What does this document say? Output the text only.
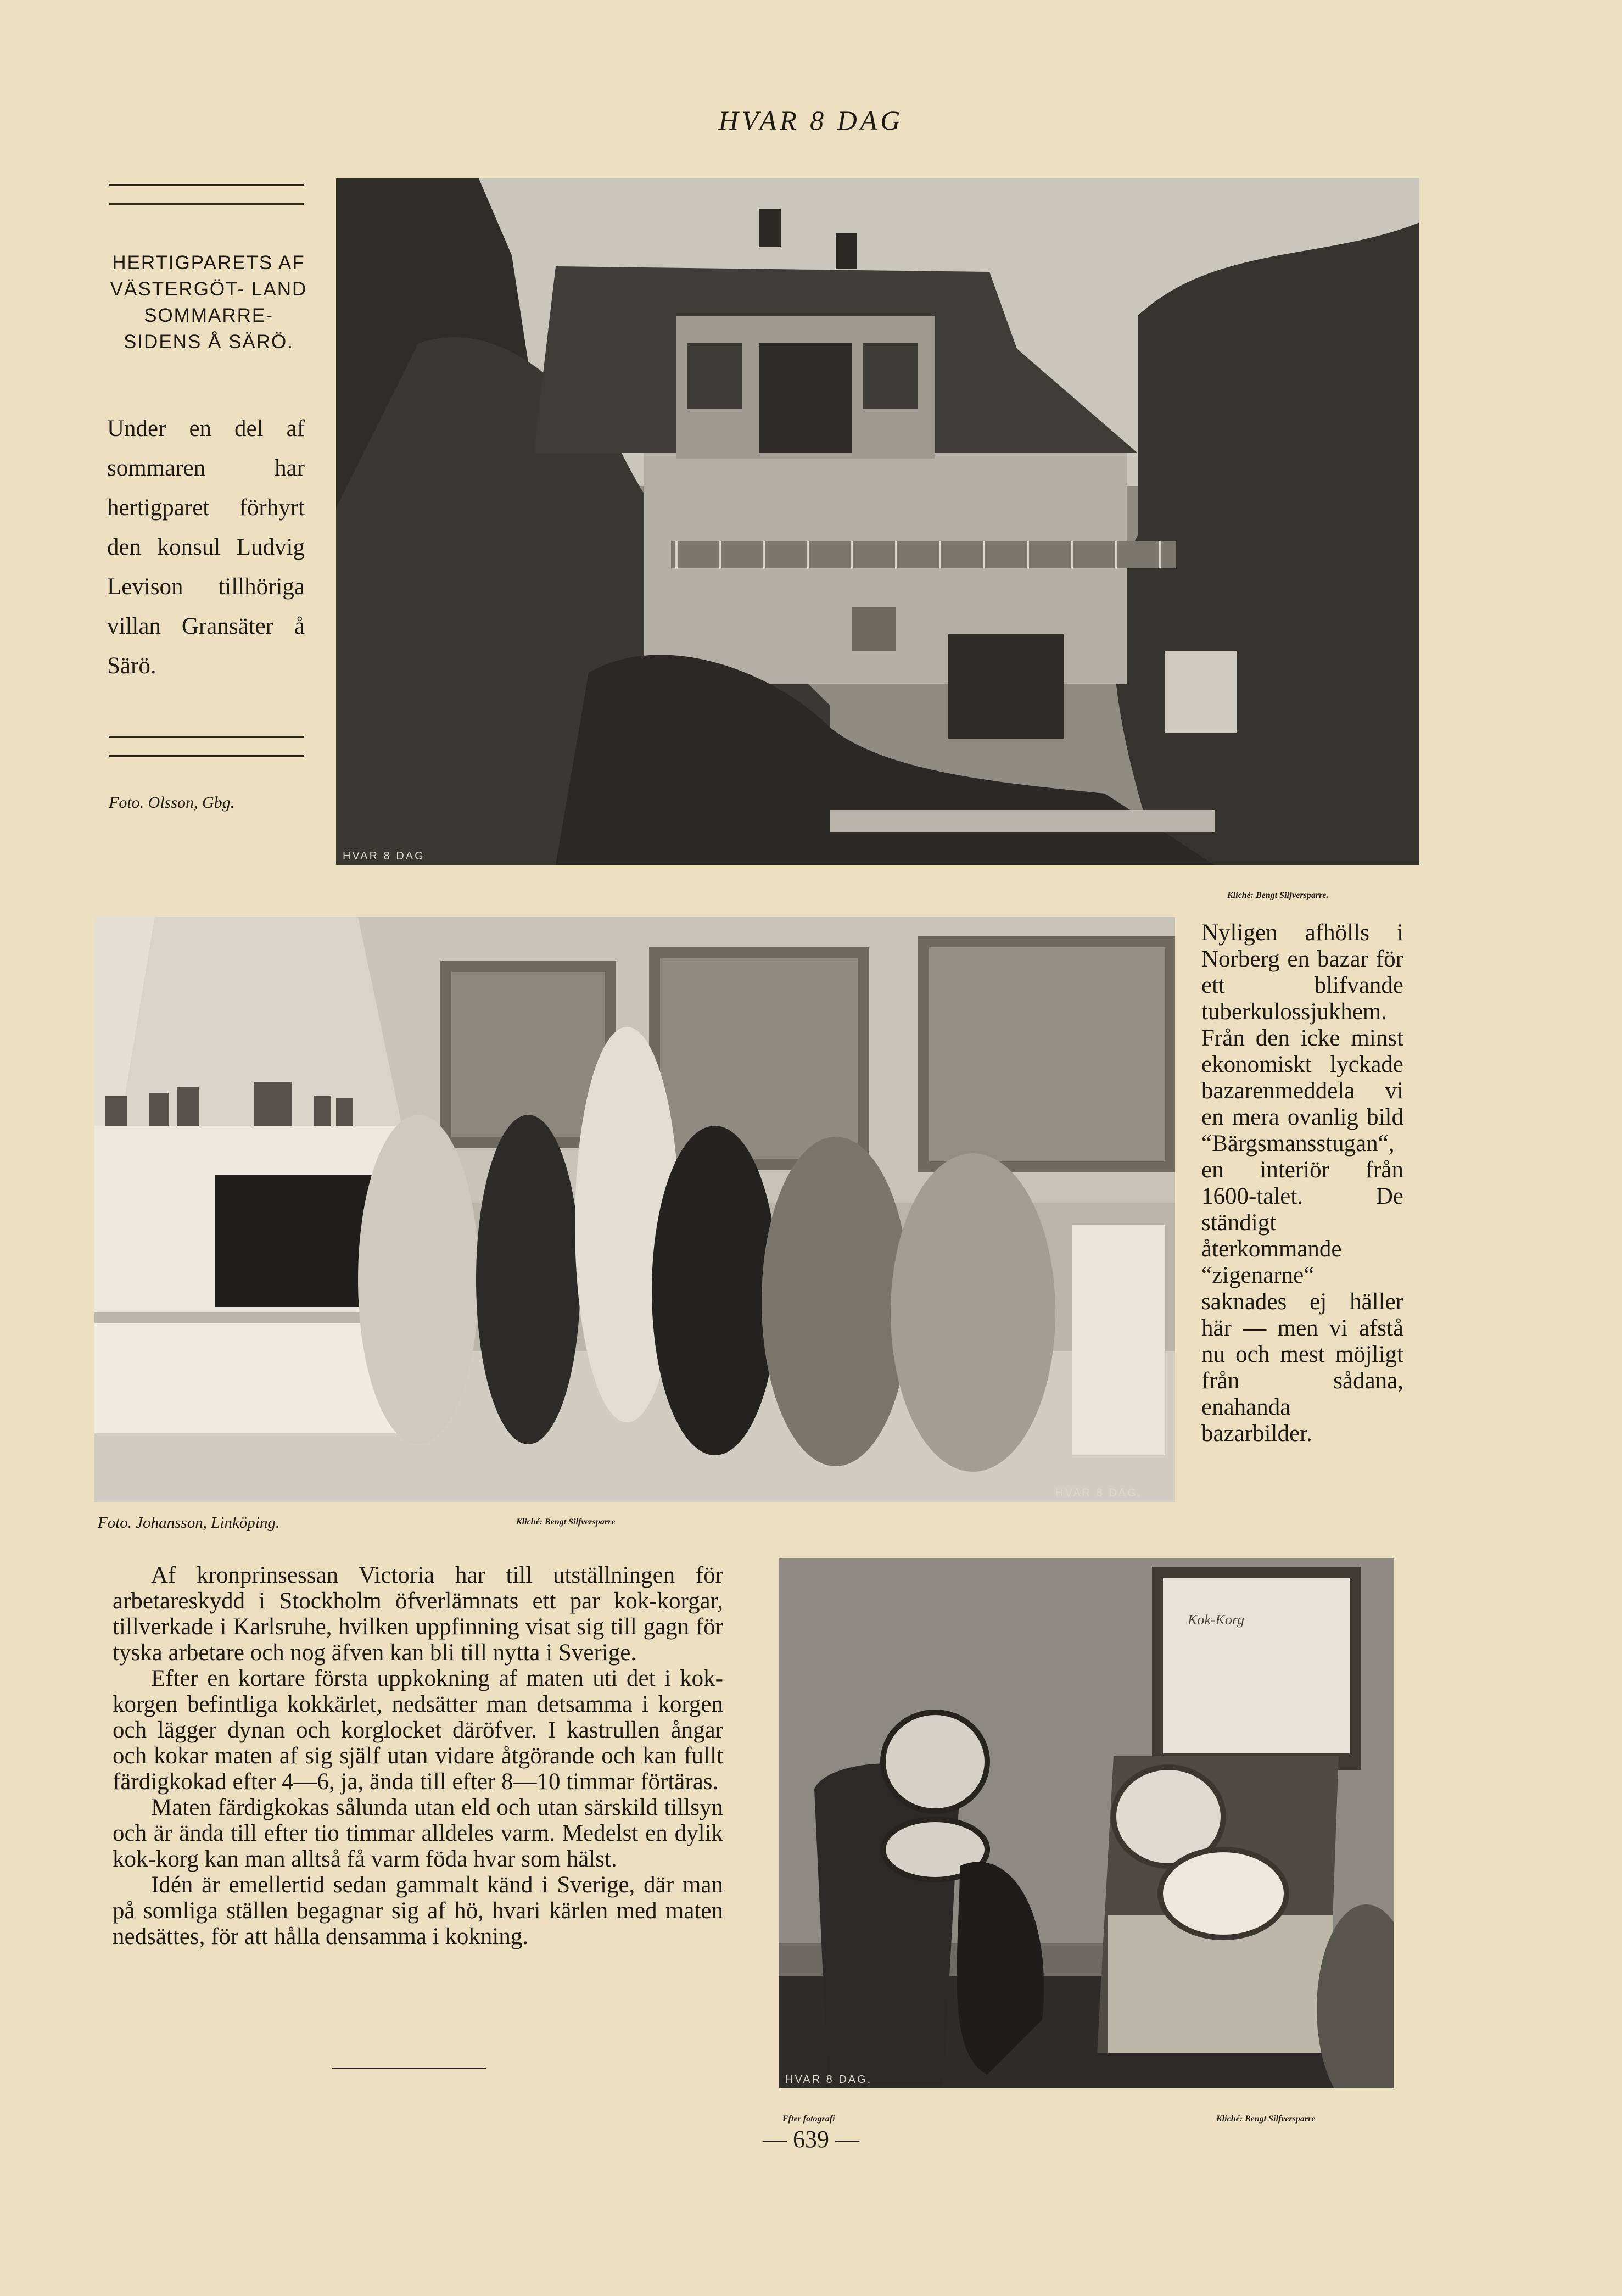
HVAR 8 DAG
HERTIGPARETS AF VÄSTERGÖT- LAND SOMMARRE- SIDENS Å SÄRÖ.
Under en del af sommaren har hertigparet förhyrt den konsul Ludvig Levison tillhöriga villan Gransäter å Särö.
Foto. Olsson, Gbg.
HVAR 8 DAG
Kliché: Bengt Silfversparre.
HVAR 8 DAG.
Nyligen afhölls i Norberg en bazar för ett blifvande tuberkulossjukhem. Från den icke minst ekonomiskt lyckade bazarenmeddela vi en mera ovanlig bild “Bärgsmansstugan“, en interiör från 1600-talet. De ständigt återkommande “zigenarne“ saknades ej häller här — men vi afstå nu och mest möjligt från sådana, enahanda bazarbilder.
Foto. Johansson, Linköping.	Kliché: Bengt Silfversparre

Af kronprinsessan Victoria har till utställningen för arbetareskydd i Stockholm öfverlämnats ett par kok-korgar, tillverkade i Karlsruhe, hvilken uppfinning visat sig till gagn för tyska arbetare och nog äfven kan bli till nytta i Sverige.

Efter en kortare första uppkokning af maten uti det i kok-korgen befintliga kokkärlet, nedsätter man detsamma i korgen och lägger dynan och korglocket däröfver. I kastrullen ångar och kokar maten af sig själf utan vidare åtgörande och kan fullt färdigkokad efter 4—6, ja, ända till efter 8—10 timmar förtäras.

Maten färdigkokas sålunda utan eld och utan särskild tillsyn och är ända till efter tio timmar alldeles varm. Medelst en dylik kok-korg kan man alltså få varm föda hvar som hälst.

Idén är emellertid sedan gammalt känd i Sverige, där man på somliga ställen begagnar sig af hö, hvari kärlen med maten nedsättes, för att hålla densamma i kokning.

Kok-Korg
HVAR 8 DAG.
Efter fotografi	Kliché: Bengt Silfversparre
— 639 —
